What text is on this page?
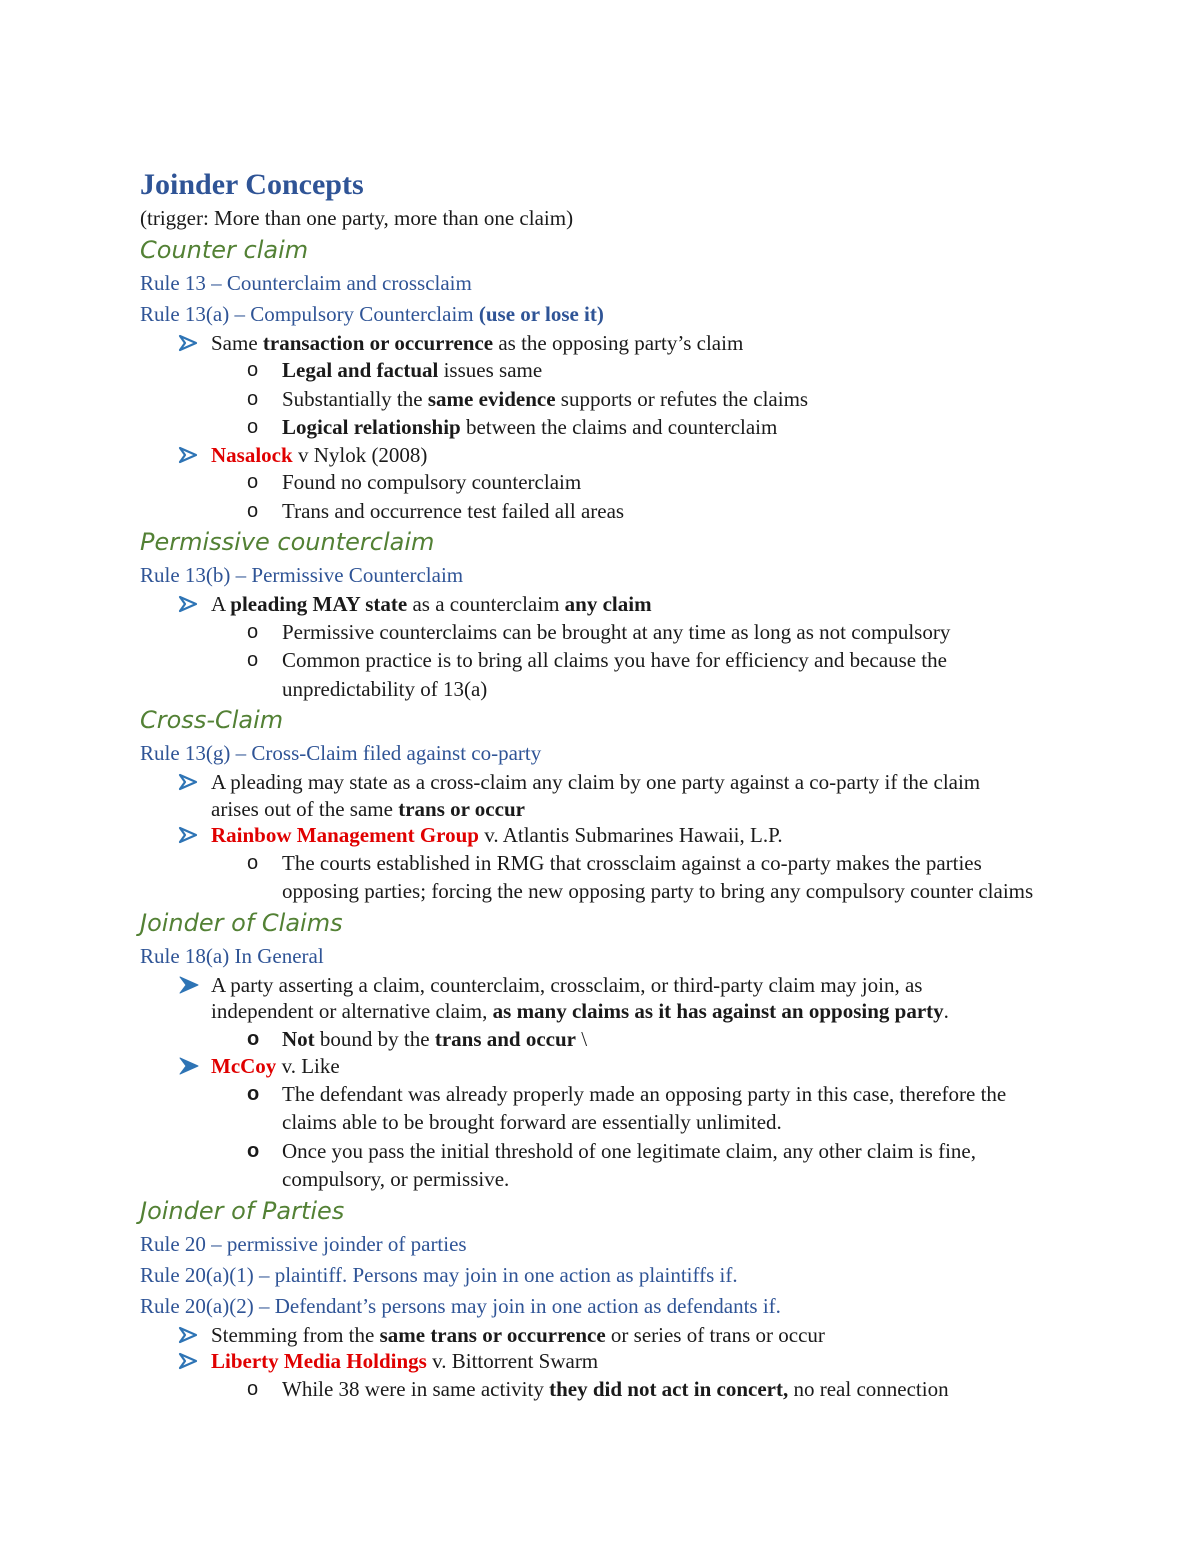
Joinder Concepts
(trigger: More than one party, more than one claim)
Counter claim
Rule 13 – Counterclaim and crossclaim
Rule 13(a) – Compulsory Counterclaim (use or lose it)
Same transaction or occurrence as the opposing party’s claim
o Legal and factual issues same
o Substantially the same evidence supports or refutes the claims
o Logical relationship between the claims and counterclaim
Nasalock v Nylok (2008)
o Found no compulsory counterclaim
o Trans and occurrence test failed all areas
Permissive counterclaim
Rule 13(b) – Permissive Counterclaim
A pleading MAY state as a counterclaim any claim
o Permissive counterclaims can be brought at any time as long as not compulsory
o Common practice is to bring all claims you have for efficiency and because the
unpredictability of 13(a)
Cross-Claim
Rule 13(g) – Cross-Claim filed against co-party
A pleading may state as a cross-claim any claim by one party against a co-party if the claim
arises out of the same trans or occur
Rainbow Management Group v. Atlantis Submarines Hawaii, L.P.
o The courts established in RMG that crossclaim against a co-party makes the parties
opposing parties; forcing the new opposing party to bring any compulsory counter claims
Joinder of Claims
Rule 18(a) In General
A party asserting a claim, counterclaim, crossclaim, or third-party claim may join, as
independent or alternative claim, as many claims as it has against an opposing party.
o Not bound by the trans and occur \
McCoy v. Like
o The defendant was already properly made an opposing party in this case, therefore the
claims able to be brought forward are essentially unlimited.
o Once you pass the initial threshold of one legitimate claim, any other claim is fine,
compulsory, or permissive.
Joinder of Parties
Rule 20 – permissive joinder of parties
Rule 20(a)(1) – plaintiff. Persons may join in one action as plaintiffs if.
Rule 20(a)(2) – Defendant’s persons may join in one action as defendants if.
Stemming from the same trans or occurrence or series of trans or occur
Liberty Media Holdings v. Bittorrent Swarm
o While 38 were in same activity they did not act in concert, no real connection
